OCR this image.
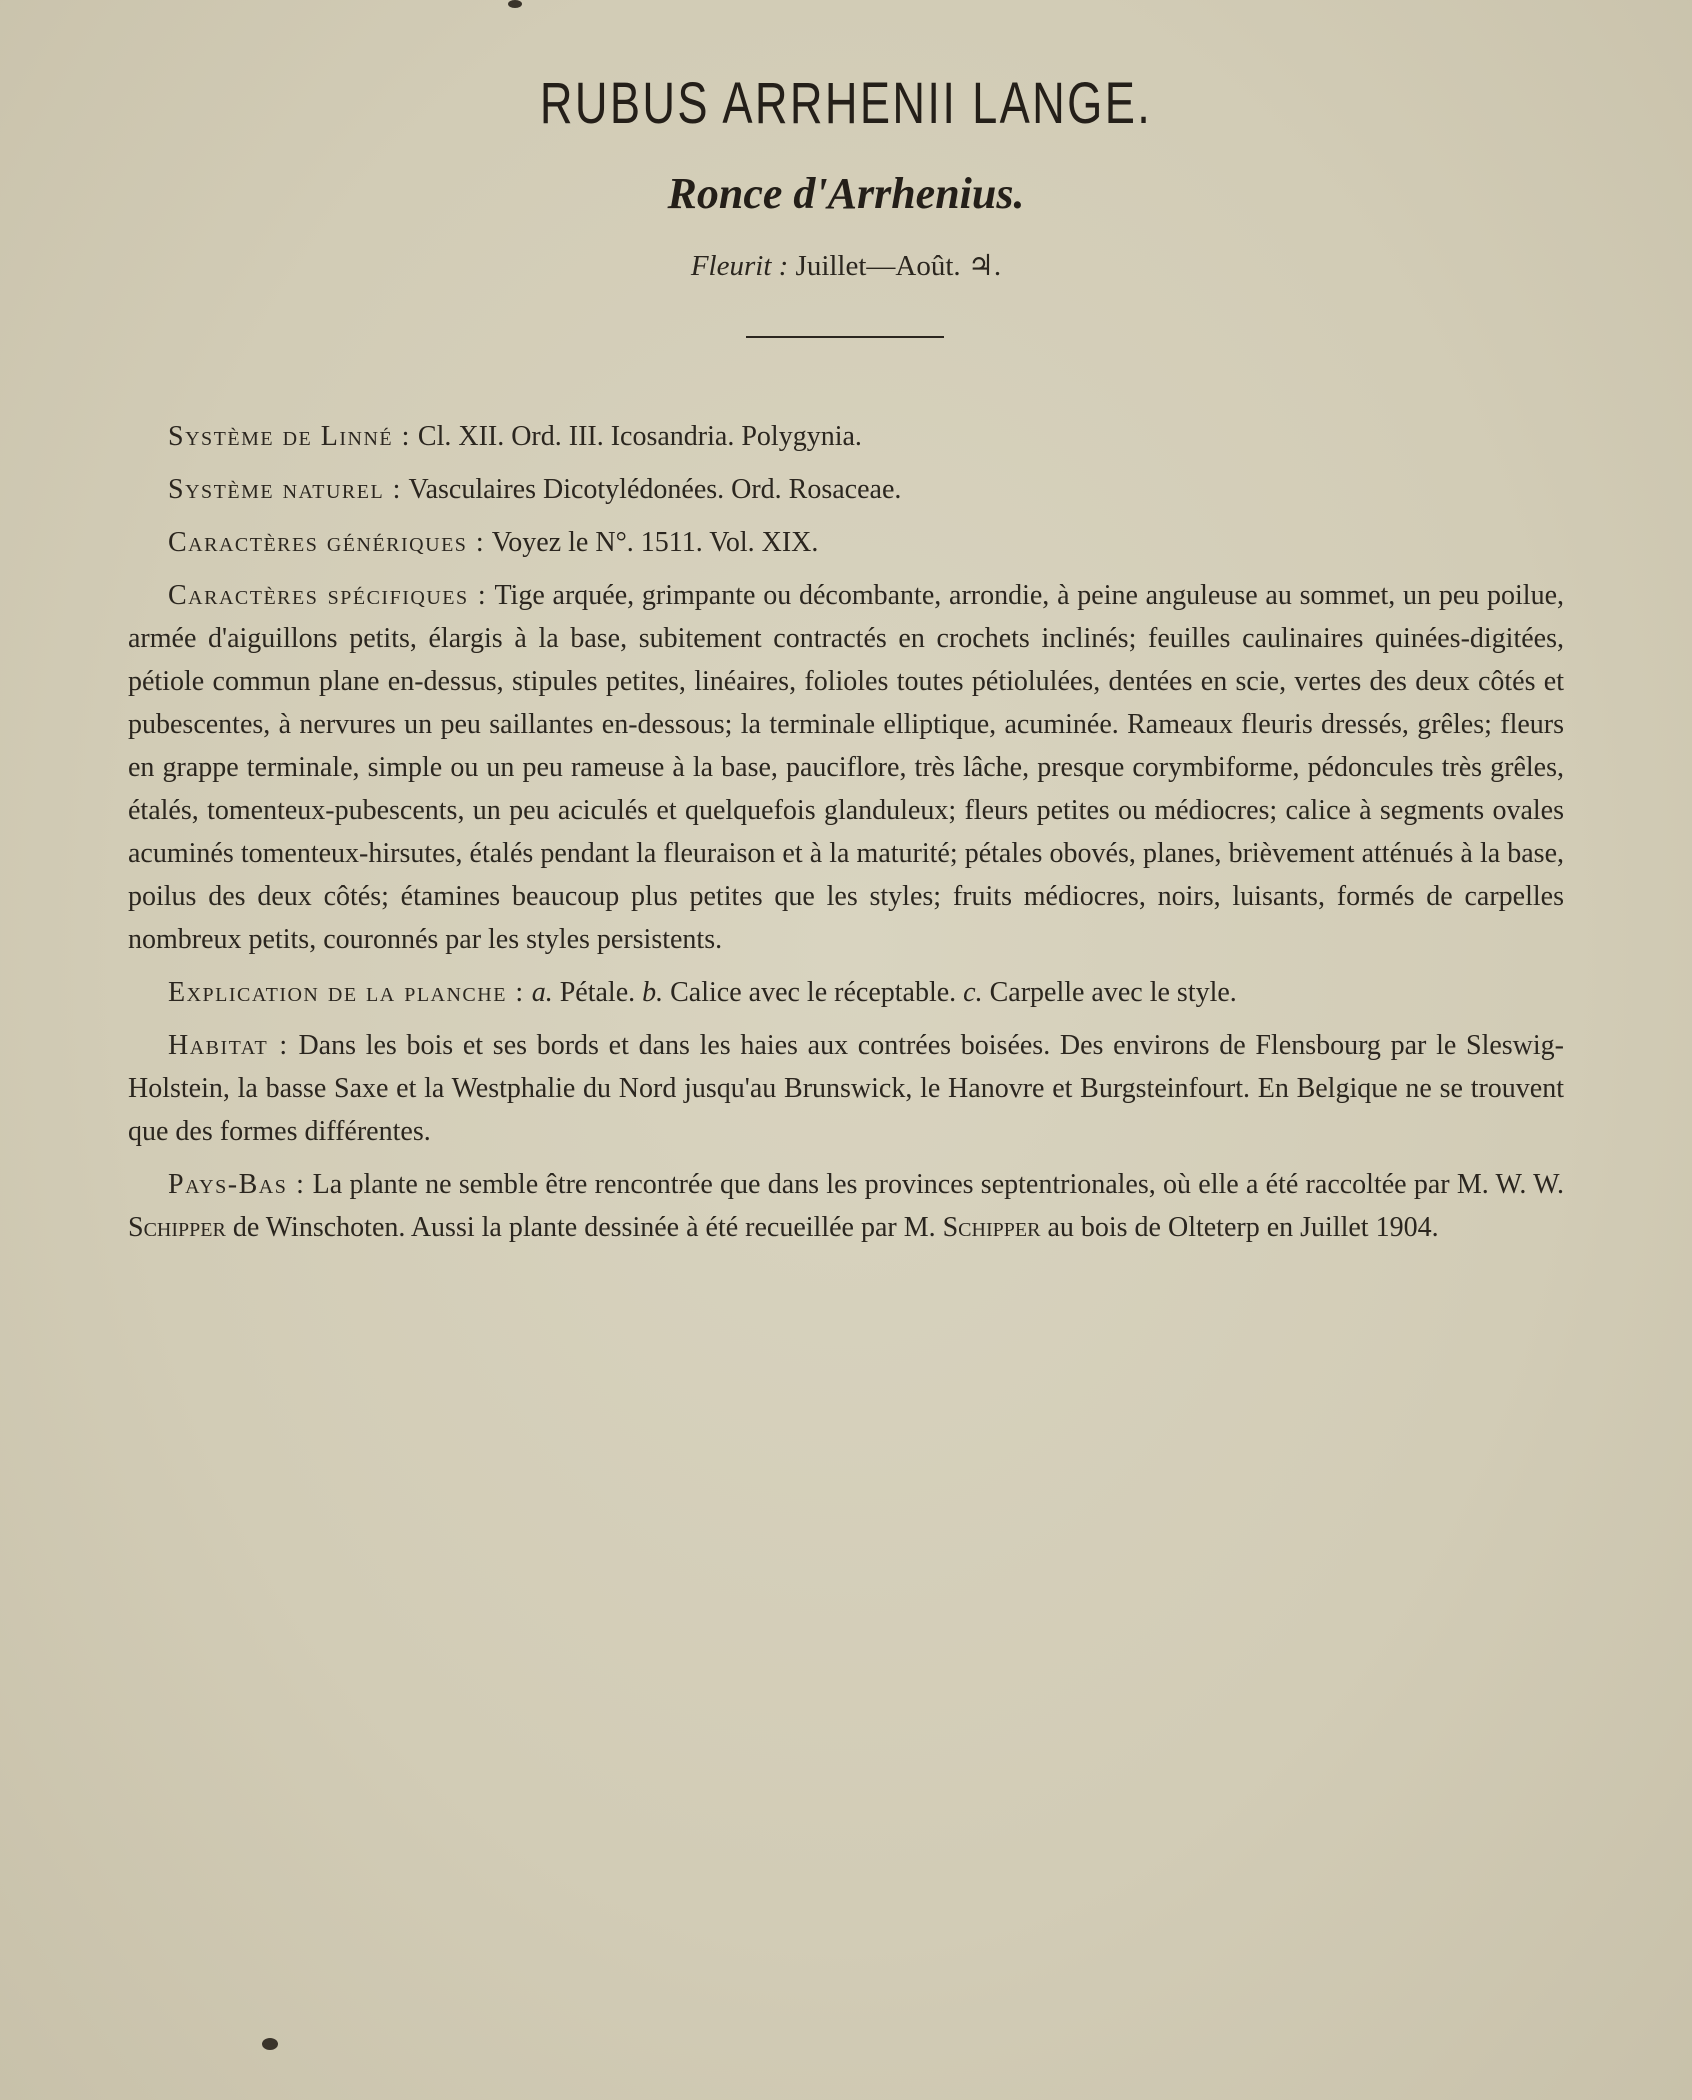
RUBUS ARRHENII LANGE.
Ronce d'Arrhenius.
Fleurit : Juillet—Août. ♃.

Système de Linné : Cl. XII. Ord. III. Icosandria. Polygynia.

Système naturel : Vasculaires Dicotylédonées. Ord. Rosaceae.

Caractères génériques : Voyez le N°. 1511. Vol. XIX.

Caractères spécifiques : Tige arquée, grimpante ou décombante, arrondie, à peine anguleuse au sommet, un peu poilue, armée d'aiguillons petits, élargis à la base, subitement contractés en crochets inclinés; feuilles caulinaires quinées-digitées, pétiole commun plane en-dessus, stipules petites, linéaires, folioles toutes pétiolulées, dentées en scie, vertes des deux côtés et pubescentes, à nervures un peu saillantes en-dessous; la terminale elliptique, acuminée. Rameaux fleuris dressés, grêles; fleurs en grappe terminale, simple ou un peu rameuse à la base, pauciflore, très lâche, presque corymbiforme, pédoncules très grêles, étalés, tomenteux-pubescents, un peu aciculés et quelquefois glanduleux; fleurs petites ou médiocres; calice à segments ovales acuminés tomenteux-hirsutes, étalés pendant la fleuraison et à la maturité; pétales obovés, planes, brièvement atténués à la base, poilus des deux côtés; étamines beaucoup plus petites que les styles; fruits médiocres, noirs, luisants, formés de carpelles nombreux petits, couronnés par les styles persistents.

Explication de la planche : a. Pétale. b. Calice avec le réceptable. c. Carpelle avec le style.

Habitat : Dans les bois et ses bords et dans les haies aux contrées boisées. Des environs de Flensbourg par le Sleswig-Holstein, la basse Saxe et la Westphalie du Nord jusqu'au Brunswick, le Hanovre et Burgsteinfourt. En Belgique ne se trouvent que des formes différentes.

Pays-Bas : La plante ne semble être rencontrée que dans les provinces septentrionales, où elle a été raccoltée par M. W. W. Schipper de Winschoten. Aussi la plante dessinée à été recueillée par M. Schipper au bois de Olteterp en Juillet 1904.
